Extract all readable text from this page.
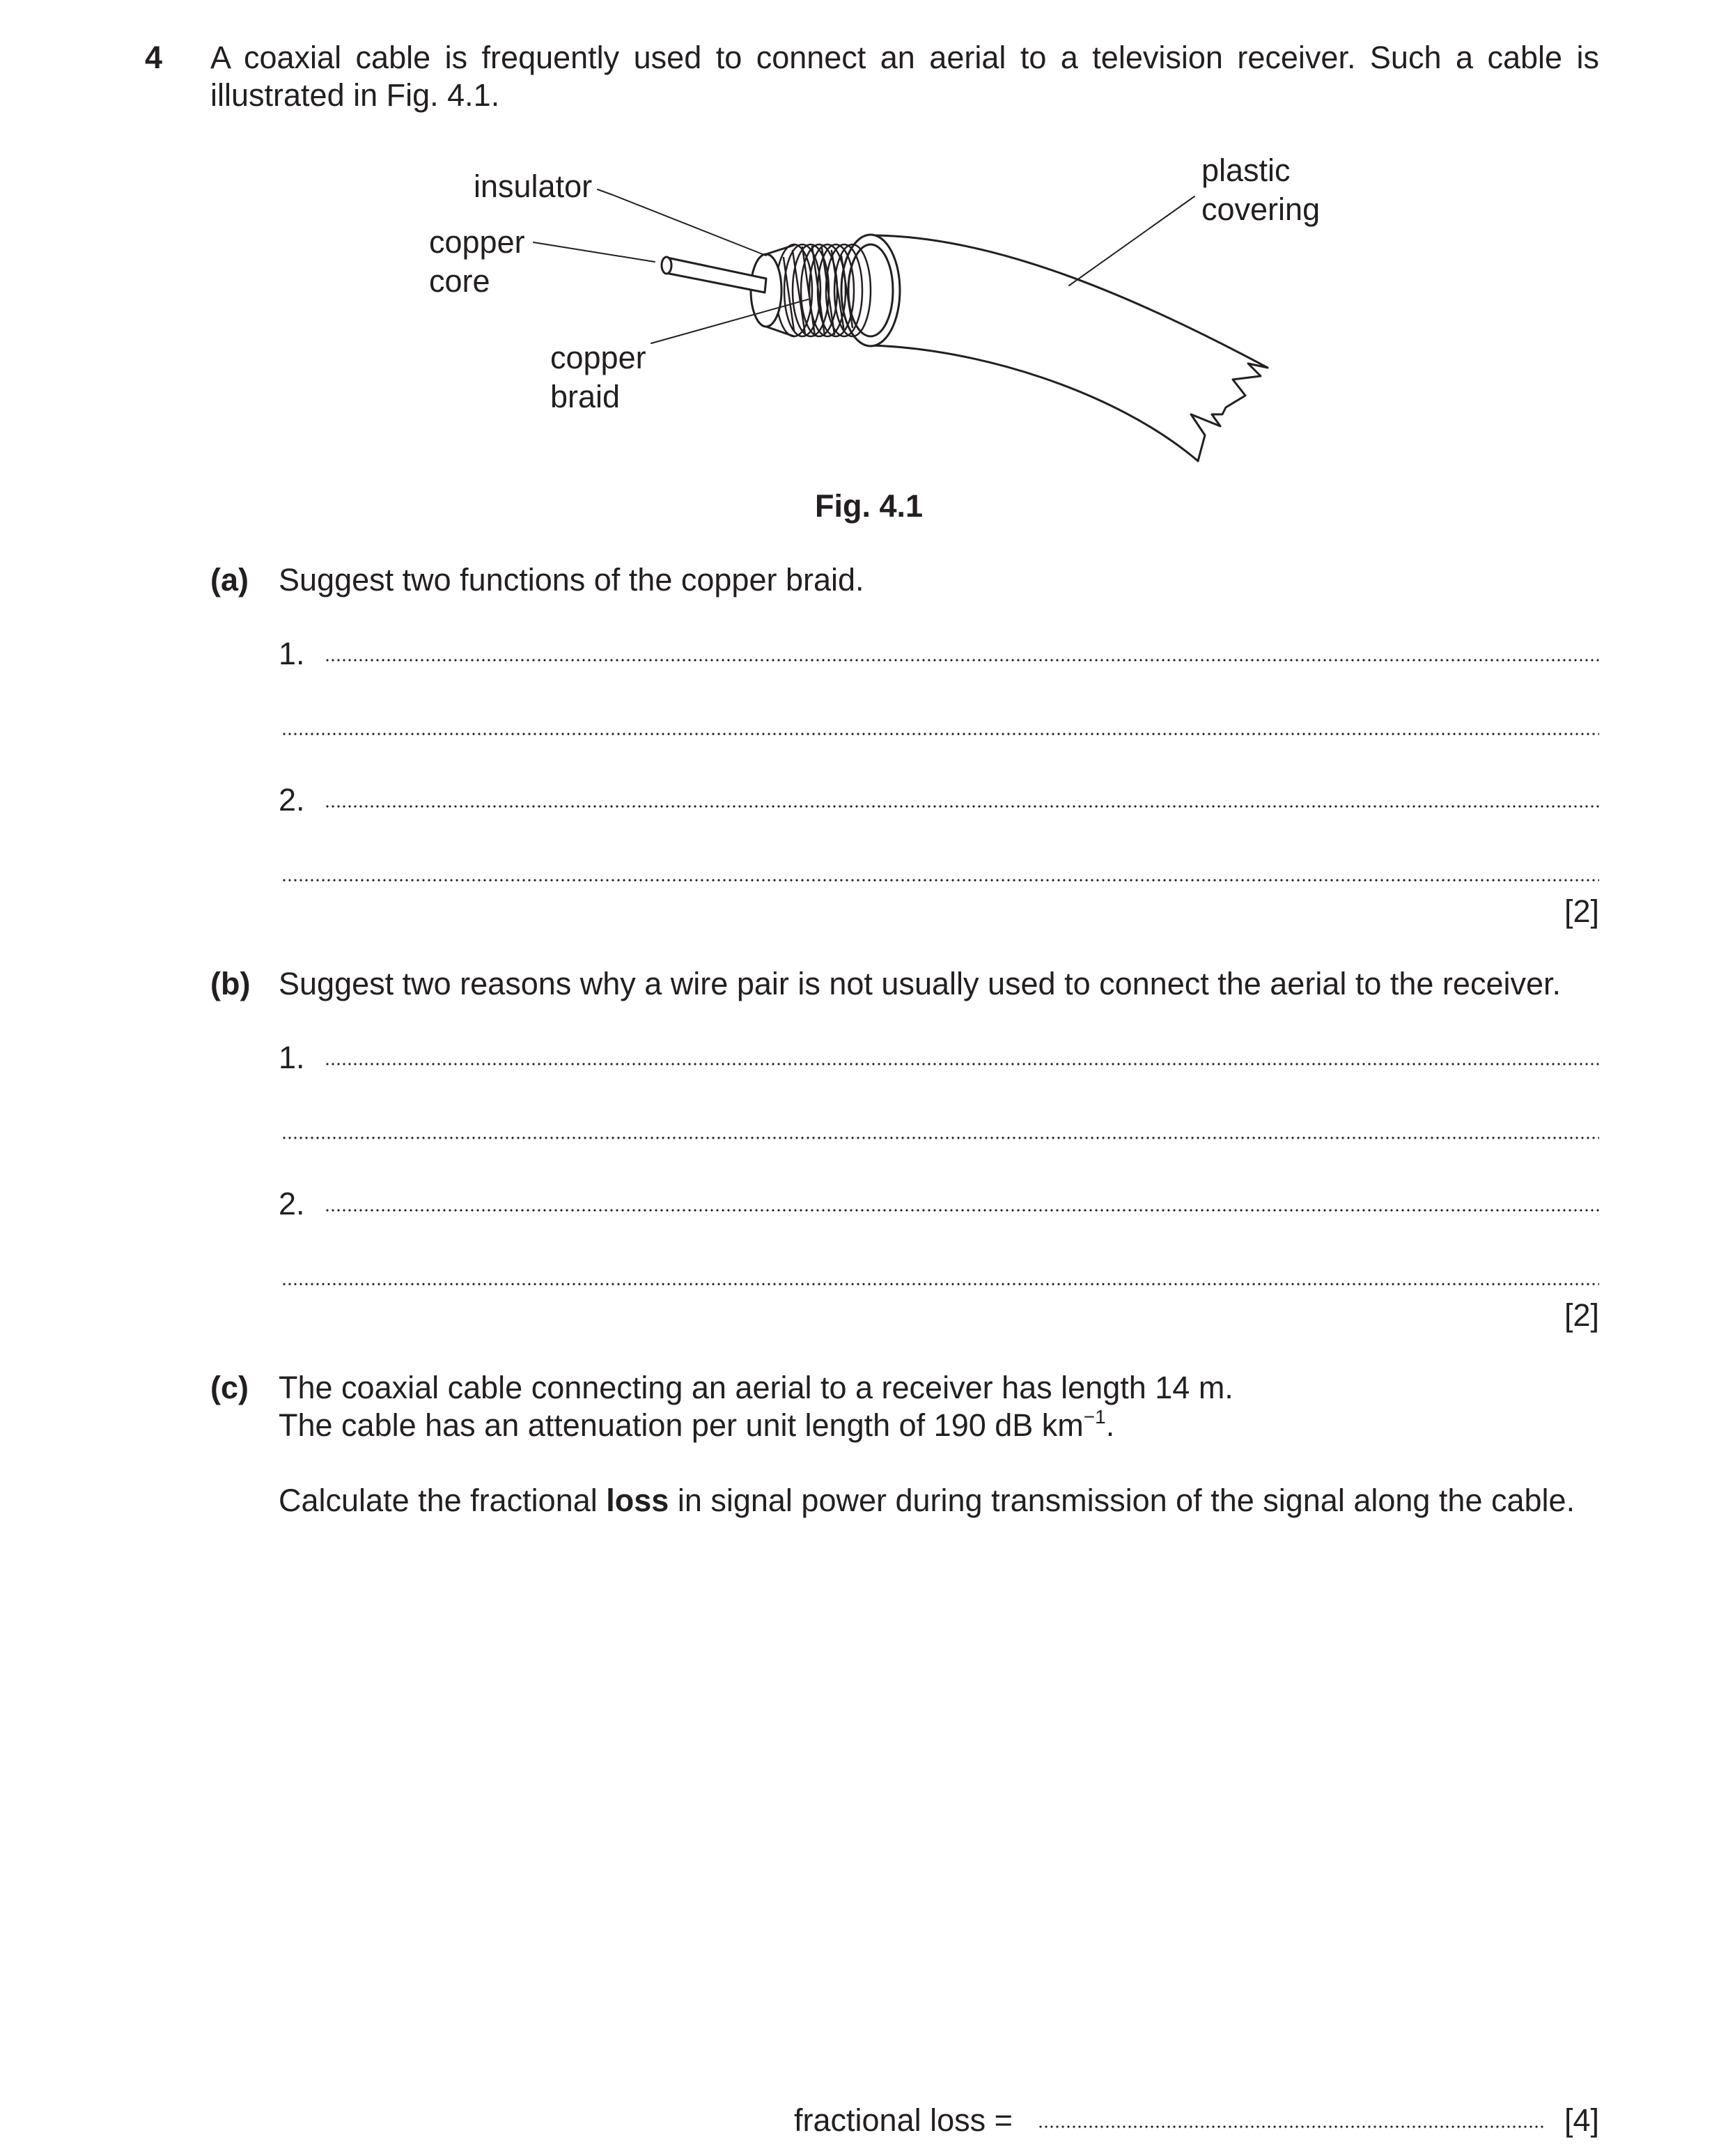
4 A coaxial cable is frequently used to connect an aerial to a television receiver. Such a cable is illustrated in Fig. 4.1.
insulator
copper
core
copper
braid
plastic
covering
Fig. 4.1
(a) Suggest two functions of the copper braid.
1.
2.
[2]
(b) Suggest two reasons why a wire pair is not usually used to connect the aerial to the receiver.
1.
2.
[2]
(c) The coaxial cable connecting an aerial to a receiver has length 14 m.
The cable has an attenuation per unit length of 190 dB $km^{-1}$.
Calculate the fractional loss in signal power during transmission of the signal along the cable.
fractional loss =	[4]
